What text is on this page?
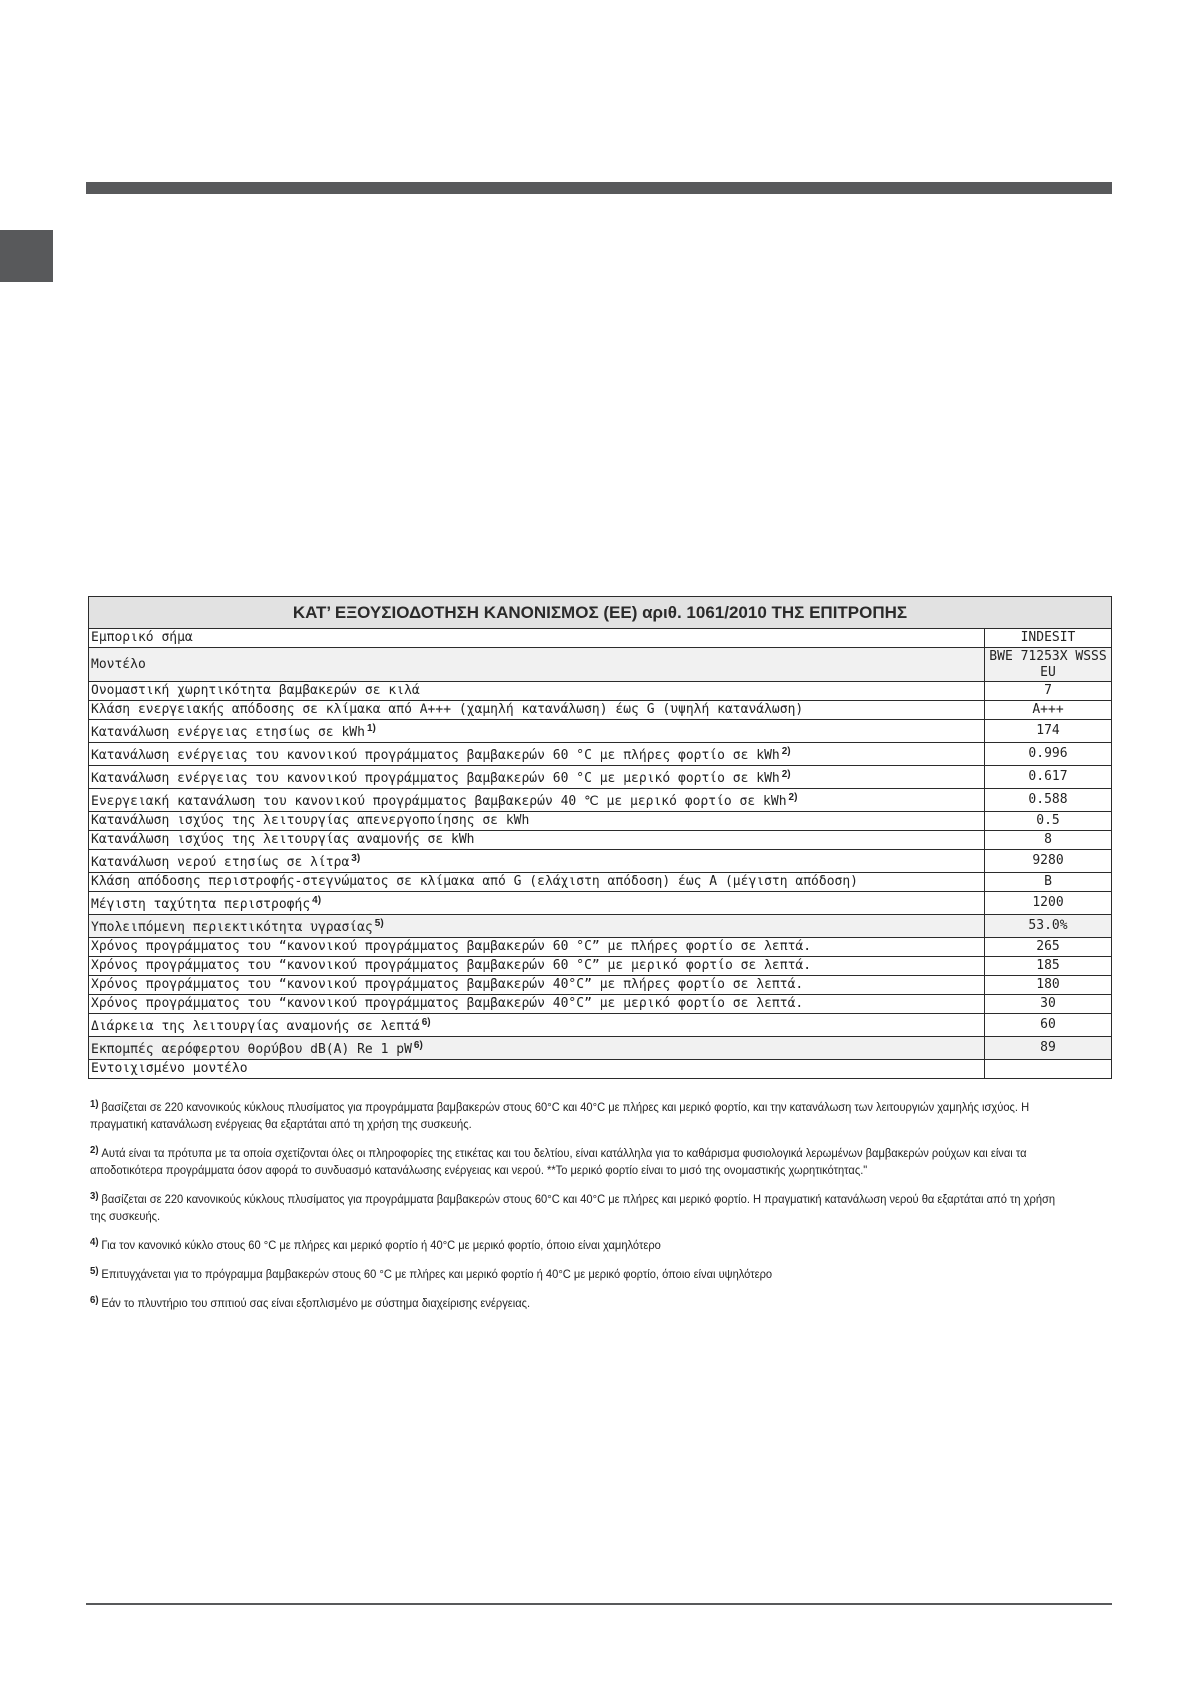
ΚΑΤ’ ΕΞΟΥΣΙΟΔΟΤΗΣΗ ΚΑΝΟΝΙΣΜΟΣ (ΕΕ) αριθ. 1061/2010 ΤΗΣ ΕΠΙΤΡΟΠΗΣ	
Εμπορικό σήμα	INDESIT
Μοντέλο	BWE 71253X WSSS EU
Ονομαστική χωρητικότητα βαμβακερών σε κιλά	7
Κλάση ενεργειακής απόδοσης σε κλίμακα από Α+++ (χαμηλή κατανάλωση) έως G (υψηλή κατανάλωση)	A+++
Κατανάλωση ενέργειας ετησίως σε kWh $^{1)}$	174
Κατανάλωση ενέργειας του κανονικού προγράμματος βαμβακερών 60 °C με πλήρες φορτίο σε kWh $^{2)}$	0.996
Κατανάλωση ενέργειας του κανονικού προγράμματος βαμβακερών 60 °C με μερικό φορτίο σε kWh $^{2)}$	0.617
Ενεργειακή κατανάλωση του κανονικού προγράμματος βαμβακερών 40 ℃ με μερικό φορτίο σε kWh $^{2)}$	0.588
Κατανάλωση ισχύος της λειτουργίας απενεργοποίησης σε kWh	0.5
Κατανάλωση ισχύος της λειτουργίας αναμονής σε kWh	8
Κατανάλωση νερού ετησίως σε λίτρα $^{3)}$	9280
Κλάση απόδοσης περιστροφής-στεγνώματος σε κλίμακα από G (ελάχιστη απόδοση) έως A (μέγιστη απόδοση)	B
Μέγιστη ταχύτητα περιστροφής $^{4)}$	1200
Υπολειπόμενη περιεκτικότητα υγρασίας $^{5)}$	53.0%
Χρόνος προγράμματος του “κανονικού προγράμματος βαμβακερών 60 °C” με πλήρες φορτίο σε λεπτά.	265
Χρόνος προγράμματος του “κανονικού προγράμματος βαμβακερών 60 °C” με μερικό φορτίο σε λεπτά.	185
Χρόνος προγράμματος του “κανονικού προγράμματος βαμβακερών 40°C” με πλήρες φορτίο σε λεπτά.	180
Χρόνος προγράμματος του “κανονικού προγράμματος βαμβακερών 40°C” με μερικό φορτίο σε λεπτά.	30
Διάρκεια της λειτουργίας αναμονής σε λεπτά $^{6)}$	60
Εκπομπές αερόφερτου θορύβου dB(A) Re 1 pW $^{6)}$	89
Εντοιχισμένο μοντέλο	

$^{1)}$ βασίζεται σε 220 κανονικούς κύκλους πλυσίματος για προγράμματα βαμβακερών στους 60°C και 40°C με πλήρες και μερικό φορτίο, και την κατανάλωση των λειτουργιών χαμηλής ισχύος. Η πραγματική κατανάλωση ενέργειας θα εξαρτάται από τη χρήση της συσκευής.

$^{2)}$ Αυτά είναι τα πρότυπα με τα οποία σχετίζονται όλες οι πληροφορίες της ετικέτας και του δελτίου, είναι κατάλληλα για το καθάρισμα φυσιολογικά λερωμένων βαμβακερών ρούχων και είναι τα αποδοτικότερα προγράμματα όσον αφορά το συνδυασμό κατανάλωσης ενέργειας και νερού. **Το μερικό φορτίο είναι το μισό της ονομαστικής χωρητικότητας."

$^{3)}$ βασίζεται σε 220 κανονικούς κύκλους πλυσίματος για προγράμματα βαμβακερών στους 60°C και 40°C με πλήρες και μερικό φορτίο. Η πραγματική κατανάλωση νερού θα εξαρτάται από τη χρήση της συσκευής.

$^{4)}$ Για τον κανονικό κύκλο στους 60 °C με πλήρες και μερικό φορτίο ή 40°C με μερικό φορτίο, όποιο είναι χαμηλότερο

$^{5)}$ Επιτυγχάνεται για το πρόγραμμα βαμβακερών στους 60 °C με πλήρες και μερικό φορτίο ή 40°C με μερικό φορτίο, όποιο είναι υψηλότερο

$^{6)}$ Εάν το πλυντήριο του σπιτιού σας είναι εξοπλισμένο με σύστημα διαχείρισης ενέργειας.
